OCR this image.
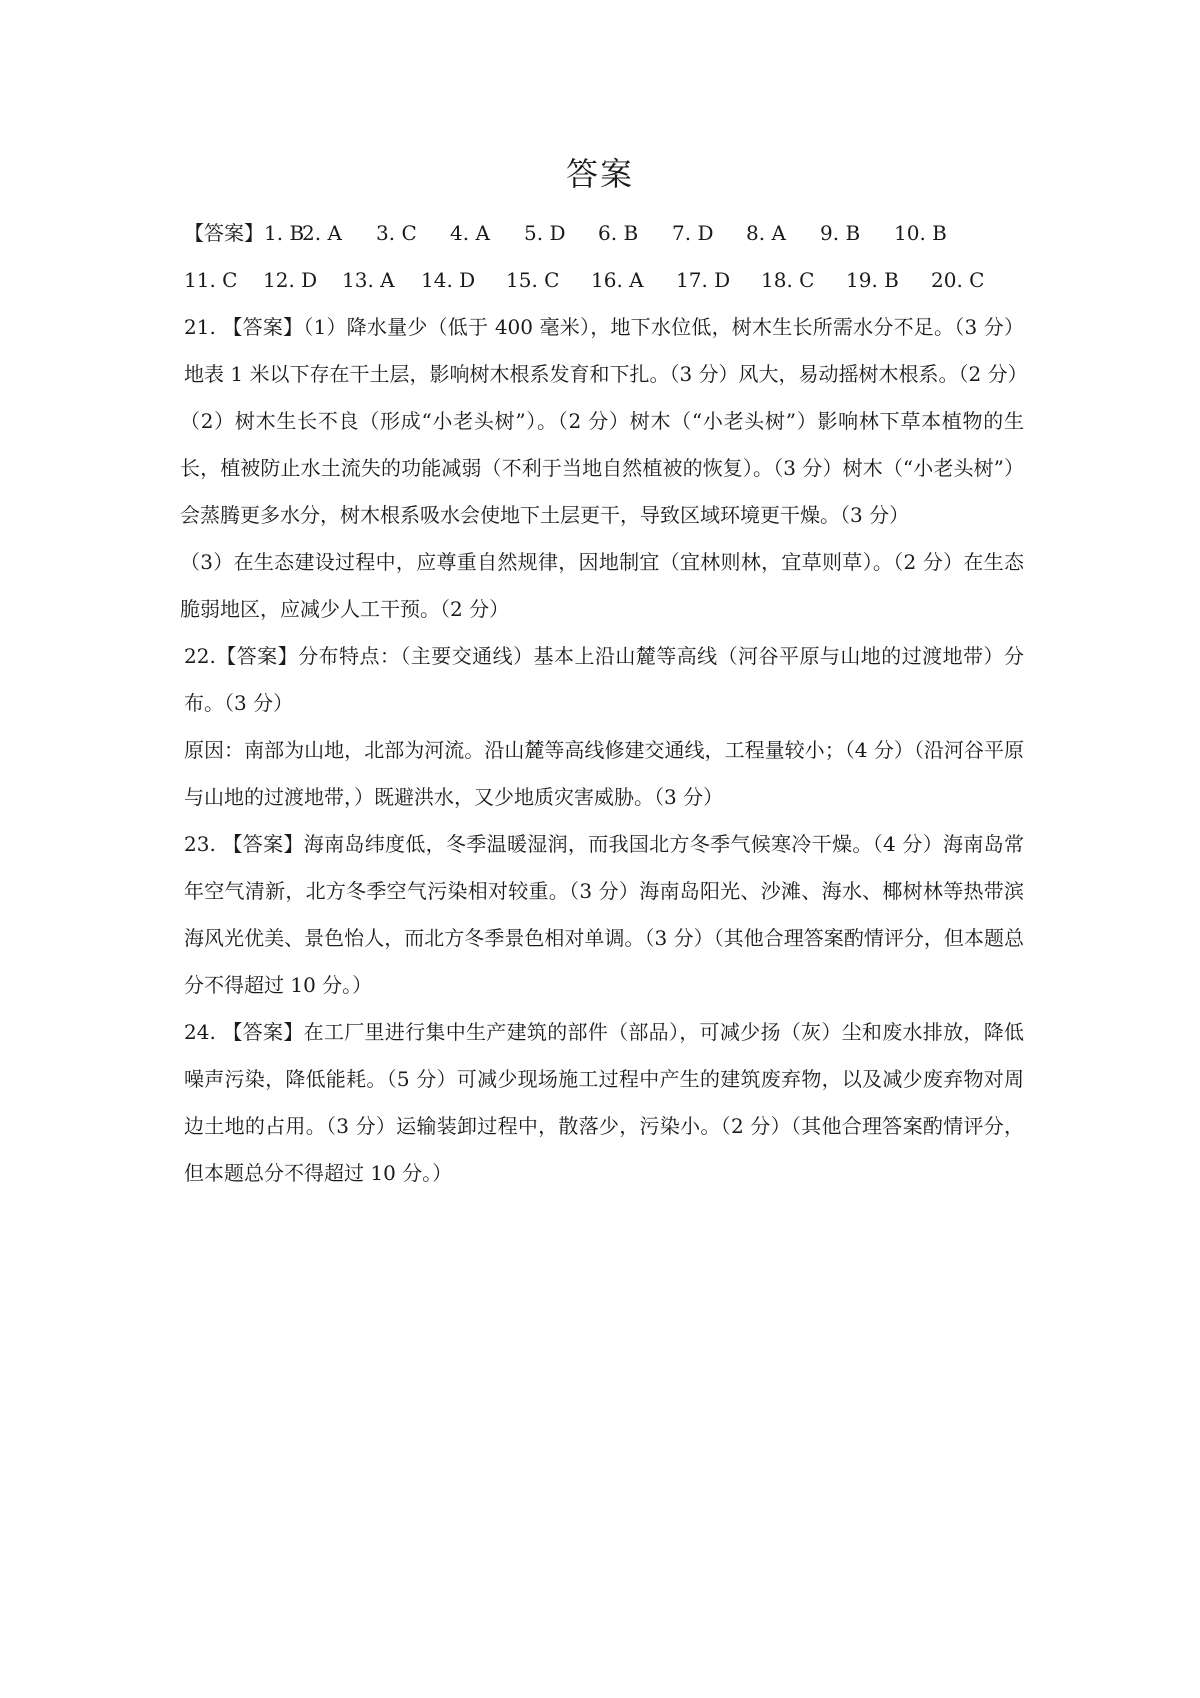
答案
【答案】1. B
2. A	3. C	4. A	5. D	6. B	7. D	8. A	9. B	10. B
11. C	12. D	13. A	14. D	15. C	16. A	17. D	18. C	19. B	20. C

21. 【答案】（1）降水量少（低于 400 毫米），地下水位低，树木生长所需水分不足。（3 分）地表 1 米以下存在干土层，影响树木根系发育和下扎。（3 分）风大，易动摇树木根系。（2 分）

（2）树木生长不良（形成“小老头树”）。（2 分）树木（“小老头树”）影响林下草本植物的生长，植被防止水土流失的功能减弱（不利于当地自然植被的恢复）。（3 分）树木（“小老头树”）会蒸腾更多水分，树木根系吸水会使地下土层更干，导致区域环境更干燥。（3 分）

（3）在生态建设过程中，应尊重自然规律，因地制宜（宜林则林，宜草则草）。（2 分）在生态脆弱地区，应减少人工干预。（2 分）

22.【答案】分布特点：（主要交通线）基本上沿山麓等高线（河谷平原与山地的过渡地带）分布。（3 分）

原因：南部为山地，北部为河流。沿山麓等高线修建交通线，工程量较小；（4 分）（沿河谷平原与山地的过渡地带，）既避洪水，又少地质灾害威胁。（3 分）

23. 【答案】海南岛纬度低，冬季温暖湿润，而我国北方冬季气候寒冷干燥。（4 分）海南岛常年空气清新，北方冬季空气污染相对较重。（3 分）海南岛阳光、沙滩、海水、椰树林等热带滨海风光优美、景色怡人，而北方冬季景色相对单调。（3 分）（其他合理答案酌情评分，但本题总分不得超过 10 分。）

24. 【答案】在工厂里进行集中生产建筑的部件（部品），可减少扬（灰）尘和废水排放，降低噪声污染，降低能耗。（5 分）可减少现场施工过程中产生的建筑废弃物，以及减少废弃物对周边土地的占用。（3 分）运输装卸过程中，散落少，污染小。（2 分）（其他合理答案酌情评分，但本题总分不得超过 10 分。）
